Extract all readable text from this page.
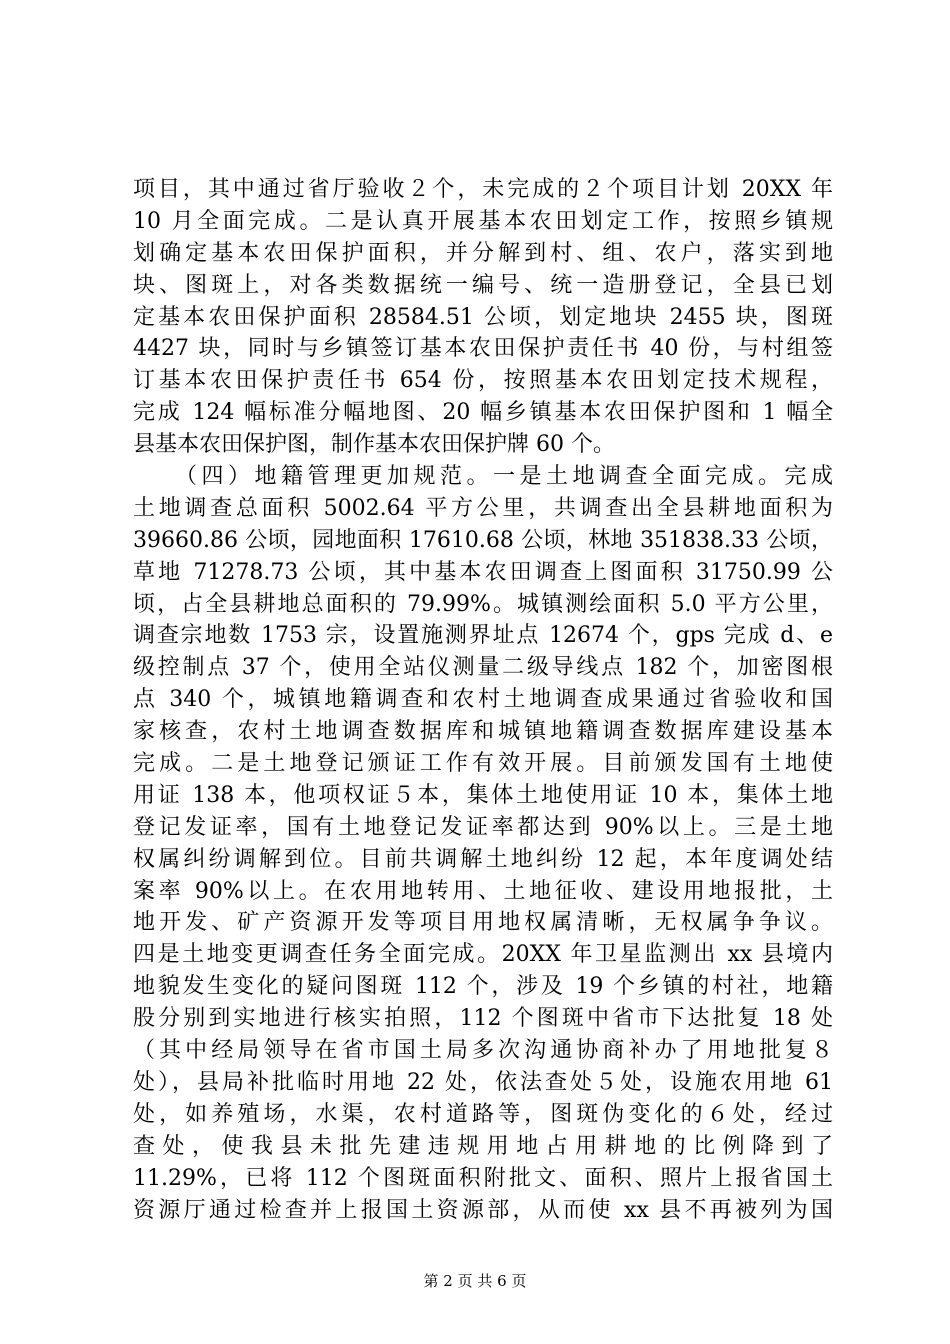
项目，其中通过省厅验收２个，未完成的２个项目计划 20XX 年
10 月全面完成。二是认真开展基本农田划定工作，按照乡镇规
划确定基本农田保护面积，并分解到村、组、农户，落实到地
块、图斑上，对各类数据统一编号、统一造册登记，全县已划
定基本农田保护面积 28584.51 公顷，划定地块 2455 块，图斑
4427 块，同时与乡镇签订基本农田保护责任书 40 份，与村组签
订基本农田保护责任书 654 份，按照基本农田划定技术规程，
完成 124 幅标准分幅地图、20 幅乡镇基本农田保护图和 1 幅全
县基本农田保护图，制作基本农田保护牌 60 个。
　　（四）地籍管理更加规范。一是土地调查全面完成。完成
土地调查总面积 5002.64 平方公里，共调查出全县耕地面积为
39660.86 公顷，园地面积 17610.68 公顷，林地 351838.33 公顷，
草地 71278.73 公顷，其中基本农田调查上图面积 31750.99 公
顷，占全县耕地总面积的 79.99%。城镇测绘面积 5.0 平方公里，
调查宗地数 1753 宗，设置施测界址点 12674 个，gps 完成 d、e
级控制点 37 个，使用全站仪测量二级导线点 182 个，加密图根
点 340 个，城镇地籍调查和农村土地调查成果通过省验收和国
家核查，农村土地调查数据库和城镇地籍调查数据库建设基本
完成。二是土地登记颁证工作有效开展。目前颁发国有土地使
用证 138 本，他项权证５本，集体土地使用证 10 本，集体土地
登记发证率，国有土地登记发证率都达到 90%以上。三是土地
权属纠纷调解到位。目前共调解土地纠纷 12 起，本年度调处结
案率 90%以上。在农用地转用、土地征收、建设用地报批，土
地开发、矿产资源开发等项目用地权属清晰，无权属争争议。
四是土地变更调查任务全面完成。20XX 年卫星监测出 xx 县境内
地貌发生变化的疑问图斑 112 个，涉及 19 个乡镇的村社，地籍
股分别到实地进行核实拍照，112 个图斑中省市下达批复 18 处
（其中经局领导在省市国土局多次沟通协商补办了用地批复８
处），县局补批临时用地 22 处，依法查处５处，设施农用地 61
处，如养殖场，水渠，农村道路等，图斑伪变化的６处，经过
查处，使我县未批先建违规用地占用耕地的比例降到了
11.29%，已将 112 个图斑面积附批文、面积、照片上报省国土
资源厅通过检查并上报国土资源部，从而使 xx 县不再被列为国
第 2 页 共 6 页
